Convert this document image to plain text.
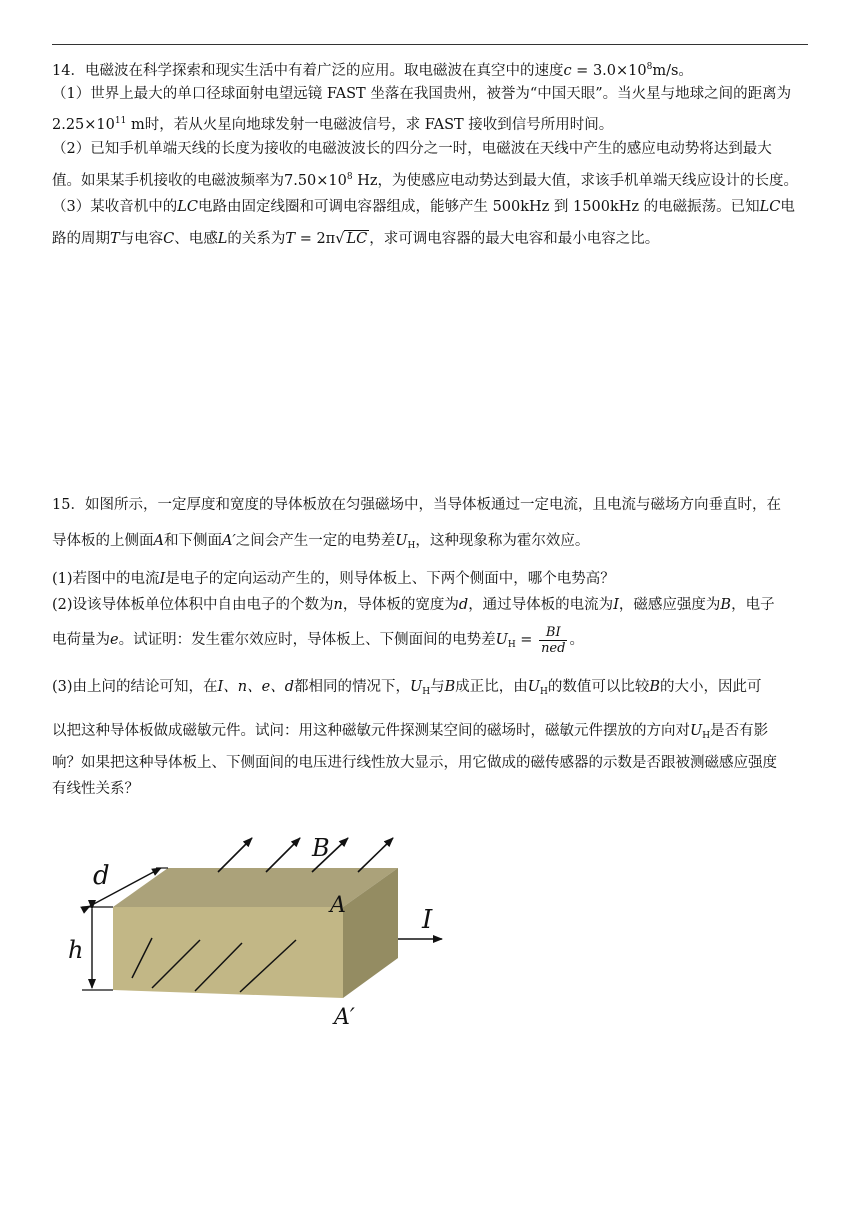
14．电磁波在科学探索和现实生活中有着广泛的应用。取电磁波在真空中的速度$c = 3.0\times 10^8m/s$。
（1）世界上最大的单口径球面射电望远镜 FAST 坐落在我国贵州，被誉为“中国天眼”。当火星与地球之间的距离为
$2.25\times 10^{11}$ m时，若从火星向地球发射一电磁波信号，求 FAST 接收到信号所用时间。
（2）已知手机单端天线的长度为接收的电磁波波长的四分之一时，电磁波在天线中产生的感应电动势将达到最大
值。如果某手机接收的电磁波频率为$7.50\times 10^8$ Hz，为使感应电动势达到最大值，求该手机单端天线应设计的长度。
（3）某收音机中的LC电路由固定线圈和可调电容器组成，能够产生 500kHz 到 1500kHz 的电磁振荡。已知LC电
路的周期T与电容C、电感L的关系为T = 2π√ LC ，求可调电容器的最大电容和最小电容之比。
15．如图所示，一定厚度和宽度的导体板放在匀强磁场中，当导体板通过一定电流，且电流与磁场方向垂直时，在
导体板的上侧面A和下侧面A′之间会产生一定的电势差$U_H$，这种现象称为霍尔效应。
(1)若图中的电流I是电子的定向运动产生的，则导体板上、下两个侧面中，哪个电势高？
(2)设该导体板单位体积中自由电子的个数为n，导体板的宽度为d，通过导体板的电流为I，磁感应强度为B，电子
电荷量为e。试证明：发生霍尔效应时，导体板上、下侧面间的电势差$U_H = \frac{BI}{\text{ned}}$ 。
(3)由上问的结论可知，在I、n、e、d都相同的情况下，$U_H$与B成正比，由$U_H$的数值可以比较B的大小，因此可
以把这种导体板做成磁敏元件。试问：用这种磁敏元件探测某空间的磁场时，磁敏元件摆放的方向对$U_H$是否有影
响？如果把这种导体板上、下侧面间的电压进行线性放大显示，用它做成的磁传感器的示数是否跟被测磁感应强度
有线性关系？
d
h
B
A
A′
I
